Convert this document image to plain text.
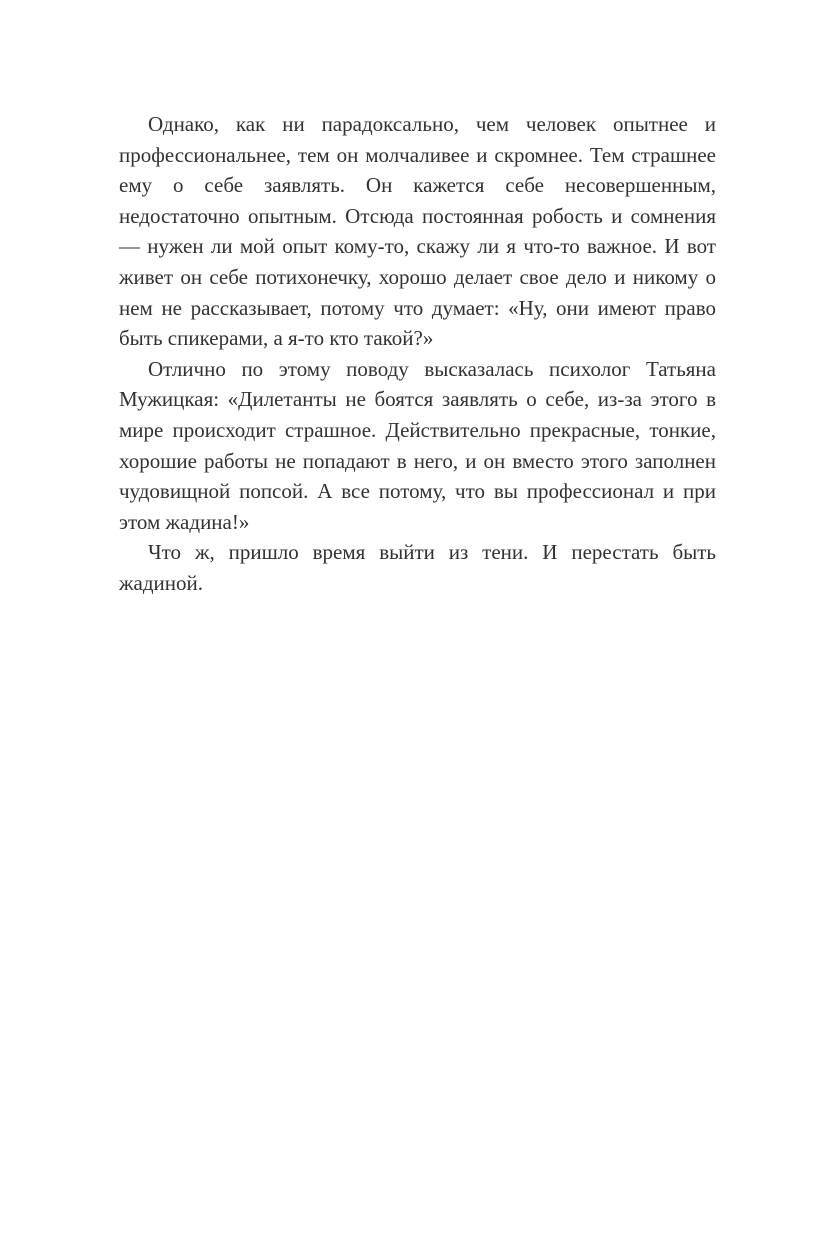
Однако, как ни парадоксально, чем человек опытнее и профессиональнее, тем он молчаливее и скромнее. Тем страшнее ему о себе заявлять. Он кажется себе несовершенным, недостаточно опытным. Отсюда постоянная робость и сомнения — нужен ли мой опыт кому-то, скажу ли я что-то важное. И вот живет он себе потихонечку, хорошо делает свое дело и никому о нем не рассказывает, потому что думает: «Ну, они имеют право быть спикерами, а я-то кто такой?»

Отлично по этому поводу высказалась психолог Татьяна Мужицкая: «Дилетанты не боятся заявлять о себе, из-за этого в мире происходит страшное. Действительно прекрасные, тонкие, хорошие работы не попадают в него, и он вместо этого заполнен чудовищной попсой. А все потому, что вы профессионал и при этом жадина!»

Что ж, пришло время выйти из тени. И перестать быть жадиной.
